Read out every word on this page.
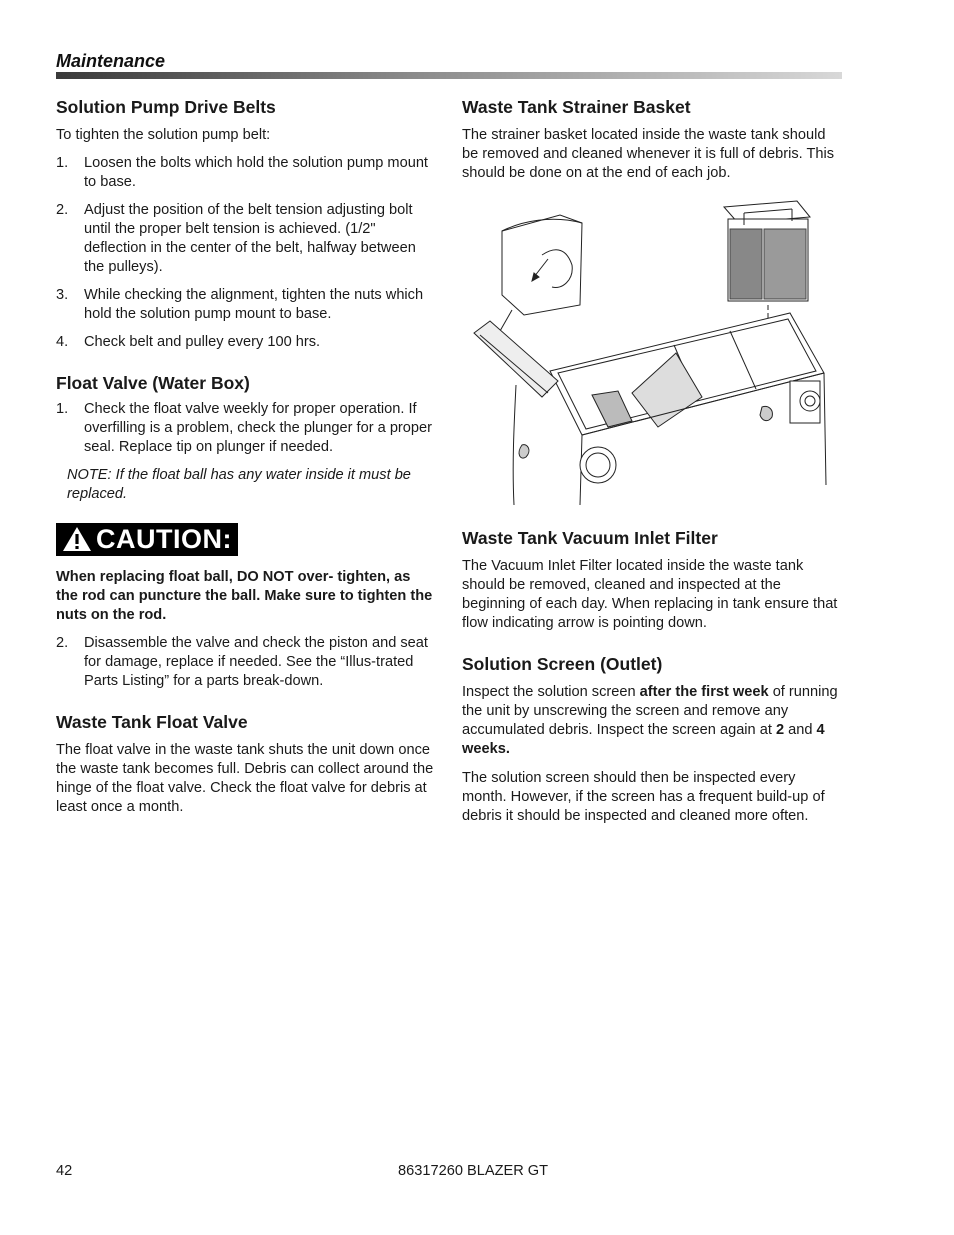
Maintenance
Solution Pump Drive Belts

To tighten the solution pump belt:

1. Loosen the bolts which hold the solution pump mount to base.
2. Adjust the position of the belt tension adjusting bolt until the proper belt tension is achieved. (1/2" deflection in the center of the belt, halfway between the pulleys).
3. While checking the alignment, tighten the nuts which hold the solution pump mount to base.
4. Check belt and pulley every 100 hrs.
Float Valve (Water Box)
1. Check the float valve weekly for proper operation. If overfilling is a problem, check the plunger for a proper seal. Replace tip on plunger if needed.

NOTE: If the float ball has any water inside it must be replaced.

CAUTION:

When replacing float ball, DO NOT over- tighten, as the rod can puncture the ball. Make sure to tighten the nuts on the rod.

2. Disassemble the valve and check the piston and seat for damage, replace if needed. See the “Illus-trated Parts Listing” for a parts break-down.
Waste Tank Float Valve

The float valve in the waste tank shuts the unit down once the waste tank becomes full. Debris can collect around the hinge of the float valve. Check the float valve for debris at least once a month.

Waste Tank Strainer Basket

The strainer basket located inside the waste tank should be removed and cleaned whenever it is full of debris. This should be done on at the end of each job.

Waste Tank Vacuum Inlet Filter

The Vacuum Inlet Filter located inside the waste tank should be removed, cleaned and inspected at the beginning of each day. When replacing in tank ensure that flow indicating arrow is pointing down.

Solution Screen (Outlet)

Inspect the solution screen after the first week of running the unit by unscrewing the screen and remove any accumulated debris. Inspect the screen again at 2 and 4 weeks.

The solution screen should then be inspected every month. However, if the screen has a frequent build-up of debris it should be inspected and cleaned more often.

42	86317260 BLAZER GT
